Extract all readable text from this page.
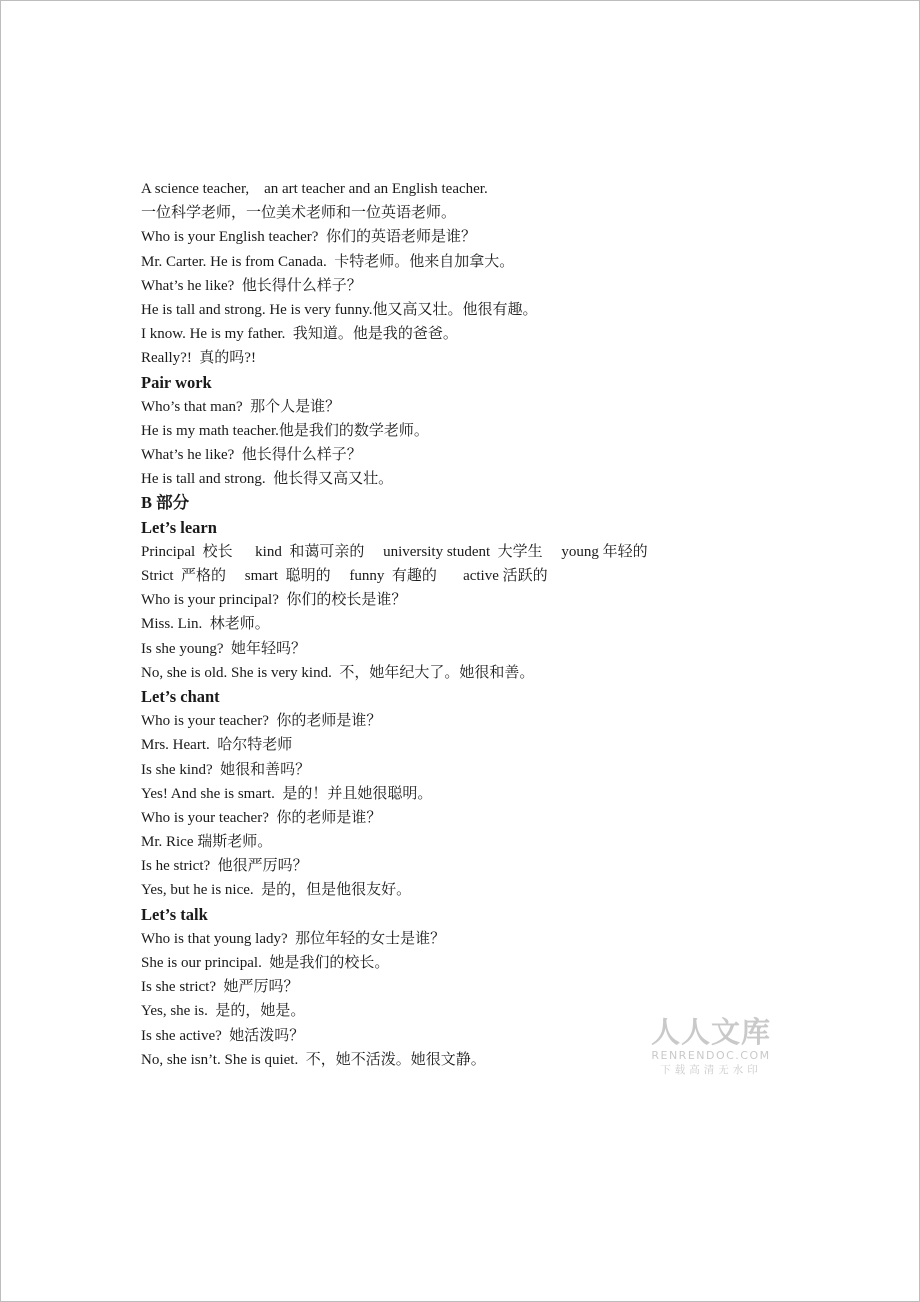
A science teacher,    an art teacher and an English teacher.
一位科学老师，一位美术老师和一位英语老师。
Who is your English teacher?  你们的英语老师是谁？
Mr. Carter. He is from Canada.  卡特老师。他来自加拿大。
What’s he like?  他长得什么样子？
He is tall and strong. He is very funny.他又高又壮。他很有趣。
I know. He is my father.  我知道。他是我的爸爸。
Really?!  真的吗?!
Pair work
Who’s that man?  那个人是谁？
He is my math teacher.他是我们的数学老师。
What’s he like?  他长得什么样子？
He is tall and strong.  他长得又高又壮。
B 部分
Let’s learn
Principal  校长      kind  和蔼可亲的     university student  大学生     young 年轻的
Strict  严格的     smart  聪明的     funny  有趣的       active 活跃的
Who is your principal?  你们的校长是谁？
Miss. Lin.  林老师。
Is she young?  她年轻吗？
No, she is old. She is very kind.  不，她年纪大了。她很和善。
Let’s chant
Who is your teacher?  你的老师是谁？
Mrs. Heart.  哈尔特老师
Is she kind?  她很和善吗？
Yes! And she is smart.  是的！并且她很聪明。
Who is your teacher?  你的老师是谁？
Mr. Rice 瑞斯老师。
Is he strict?  他很严厉吗？
Yes, but he is nice.  是的，但是他很友好。
Let’s talk
Who is that young lady?  那位年轻的女士是谁？
She is our principal.  她是我们的校长。
Is she strict?  她严厉吗？
Yes, she is.  是的，她是。
Is she active?  她活泼吗？
No, she isn’t. She is quiet.  不，她不活泼。她很文静。
人人文库
RENRENDOC.COM
下载高清无水印
